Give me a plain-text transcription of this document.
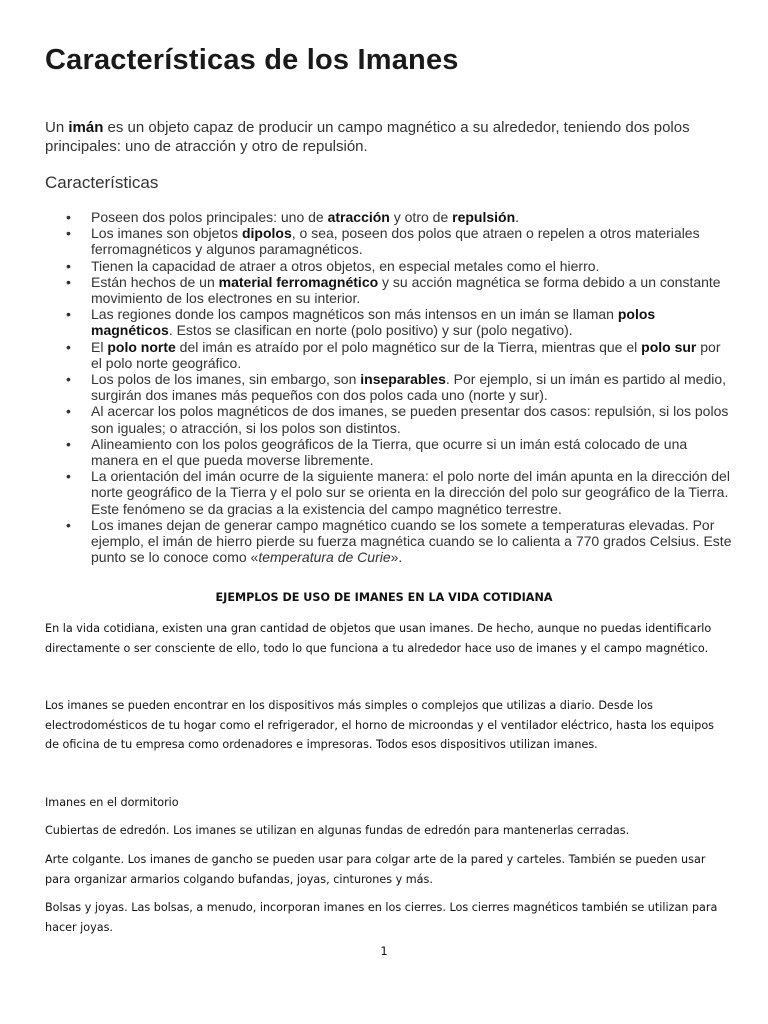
Características de los Imanes

Un imán es un objeto capaz de producir un campo magnético a su alrededor, teniendo dos polos principales: uno de atracción y otro de repulsión.

Características
• Poseen dos polos principales: uno de atracción y otro de repulsión.
• Los imanes son objetos dipolos, o sea, poseen dos polos que atraen o repelen a otros materiales ferromagnéticos y algunos paramagnéticos.
• Tienen la capacidad de atraer a otros objetos, en especial metales como el hierro.
• Están hechos de un material ferromagnético y su acción magnética se forma debido a un constante movimiento de los electrones en su interior.
• Las regiones donde los campos magnéticos son más intensos en un imán se llaman polos magnéticos. Estos se clasifican en norte (polo positivo) y sur (polo negativo).
• El polo norte del imán es atraído por el polo magnético sur de la Tierra, mientras que el polo sur por el polo norte geográfico.
• Los polos de los imanes, sin embargo, son inseparables. Por ejemplo, si un imán es partido al medio, surgirán dos imanes más pequeños con dos polos cada uno (norte y sur).
• Al acercar los polos magnéticos de dos imanes, se pueden presentar dos casos: repulsión, si los polos son iguales; o atracción, si los polos son distintos.
• Alineamiento con los polos geográficos de la Tierra, que ocurre si un imán está colocado de una manera en el que pueda moverse libremente.
• La orientación del imán ocurre de la siguiente manera: el polo norte del imán apunta en la dirección del norte geográfico de la Tierra y el polo sur se orienta en la dirección del polo sur geográfico de la Tierra. Este fenómeno se da gracias a la existencia del campo magnético terrestre.
• Los imanes dejan de generar campo magnético cuando se los somete a temperaturas elevadas. Por ejemplo, el imán de hierro pierde su fuerza magnética cuando se lo calienta a 770 grados Celsius. Este punto se lo conoce como «temperatura de Curie».
EJEMPLOS DE USO DE IMANES EN LA VIDA COTIDIANA

En la vida cotidiana, existen una gran cantidad de objetos que usan imanes. De hecho, aunque no puedas identificarlo directamente o ser consciente de ello, todo lo que funciona a tu alrededor hace uso de imanes y el campo magnético.

Los imanes se pueden encontrar en los dispositivos más simples o complejos que utilizas a diario. Desde los electrodomésticos de tu hogar como el refrigerador, el horno de microondas y el ventilador eléctrico, hasta los equipos de oficina de tu empresa como ordenadores e impresoras. Todos esos dispositivos utilizan imanes.

Imanes en el dormitorio

Cubiertas de edredón. Los imanes se utilizan en algunas fundas de edredón para mantenerlas cerradas.

Arte colgante. Los imanes de gancho se pueden usar para colgar arte de la pared y carteles. También se pueden usar para organizar armarios colgando bufandas, joyas, cinturones y más.

Bolsas y joyas. Las bolsas, a menudo, incorporan imanes en los cierres. Los cierres magnéticos también se utilizan para hacer joyas.

1
